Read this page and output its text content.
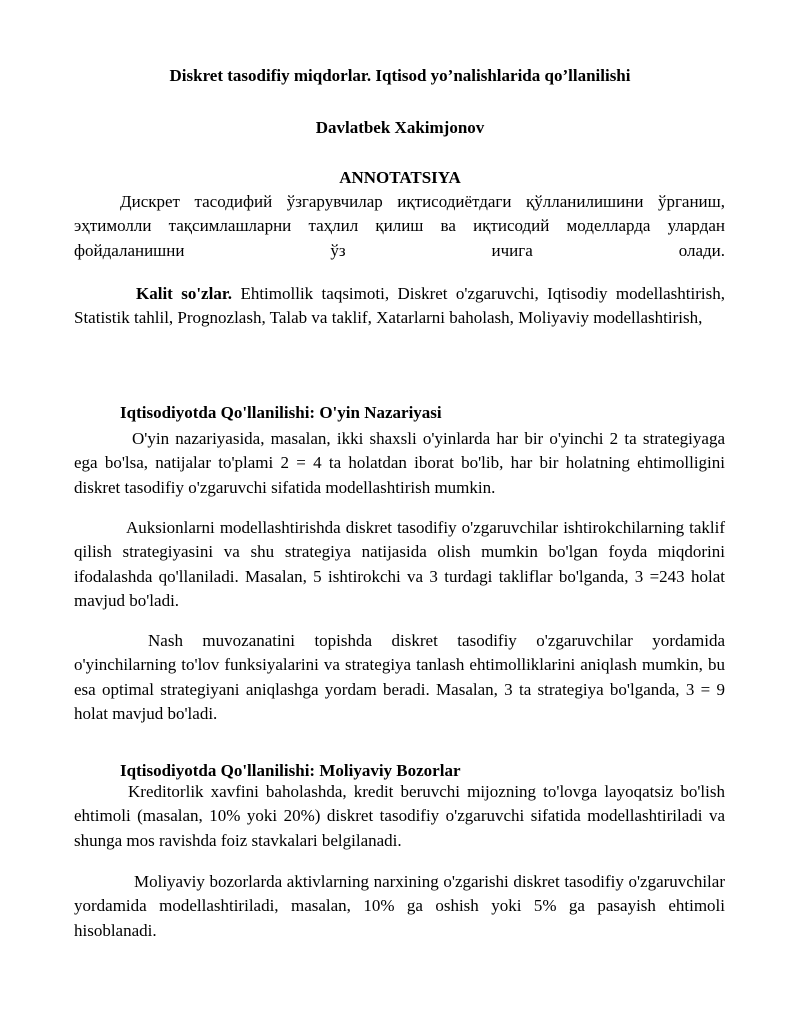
Diskret tasodifiy miqdorlar. Iqtisod yo’nalishlarida qo’llanilishi
Davlatbek Xakimjonov
ANNOTATSIYA

Дискрет тасодифий ўзгарувчилар иқтисодиётдаги қўлланилишини ўрганиш, эҳтимолли тақсимлашларни таҳлил қилиш ва иқтисодий моделларда улардан фойдаланишни ўз ичига олади.

Kalit so'zlar. Ehtimollik taqsimoti, Diskret o'zgaruvchi, Iqtisodiy modellashtirish, Statistik tahlil, Prognozlash, Talab va taklif, Xatarlarni baholash, Moliyaviy modellashtirish,

Iqtisodiyotda Qo'llanilishi: O'yin Nazariyasi

O'yin nazariyasida, masalan, ikki shaxsli o'yinlarda har bir o'yinchi 2 ta strategiyaga ega bo'lsa, natijalar to'plami 2 = 4 ta holatdan iborat bo'lib, har bir holatning ehtimolligini diskret tasodifiy o'zgaruvchi sifatida modellashtirish mumkin.

Auksionlarni modellashtirishda diskret tasodifiy o'zgaruvchilar ishtirokchilarning taklif qilish strategiyasini va shu strategiya natijasida olish mumkin bo'lgan foyda miqdorini ifodalashda qo'llaniladi. Masalan, 5 ishtirokchi va 3 turdagi takliflar bo'lganda, 3 =243 holat mavjud bo'ladi.

Nash muvozanatini topishda diskret tasodifiy o'zgaruvchilar yordamida o'yinchilarning to'lov funksiyalarini va strategiya tanlash ehtimolliklarini aniqlash mumkin, bu esa optimal strategiyani aniqlashga yordam beradi. Masalan, 3 ta strategiya bo'lganda, 3 = 9 holat mavjud bo'ladi.

Iqtisodiyotda Qo'llanilishi: Moliyaviy Bozorlar

Kreditorlik xavfini baholashda, kredit beruvchi mijozning to'lovga layoqatsiz bo'lish ehtimoli (masalan, 10% yoki 20%) diskret tasodifiy o'zgaruvchi sifatida modellashtiriladi va shunga mos ravishda foiz stavkalari belgilanadi.

Moliyaviy bozorlarda aktivlarning narxining o'zgarishi diskret tasodifiy o'zgaruvchilar yordamida modellashtiriladi, masalan, 10% ga oshish yoki 5% ga pasayish ehtimoli hisoblanadi.
